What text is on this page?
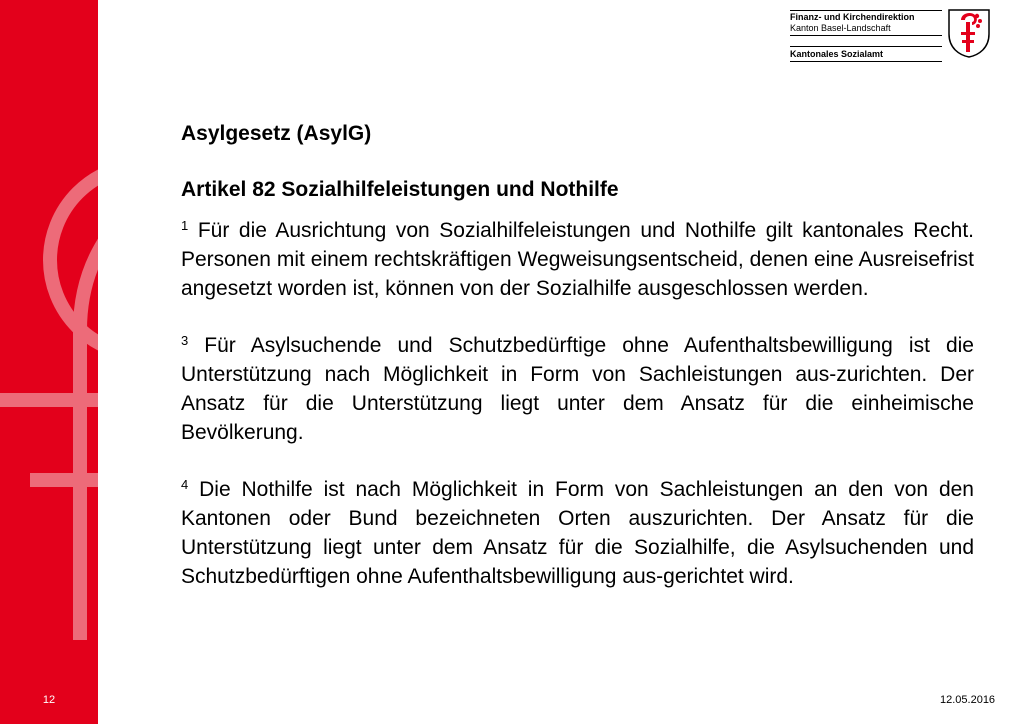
12
Finanz- und Kirchendirektion
Kanton Basel-Landschaft
Kantonales Sozialamt
Asylgesetz (AsylG)
Artikel 82 Sozialhilfeleistungen und Nothilfe

$^1$ Für die Ausrichtung von Sozialhilfeleistungen und Nothilfe gilt kantonales Recht. Personen mit einem rechtskräftigen Wegweisungsentscheid, denen eine Ausreisefrist angesetzt worden ist, können von der Sozialhilfe ausgeschlossen werden.

$^3$ Für Asylsuchende und Schutzbedürftige ohne Aufenthaltsbewilligung ist die Unterstützung nach Möglichkeit in Form von Sachleistungen aus-zurichten. Der Ansatz für die Unterstützung liegt unter dem Ansatz für die einheimische Bevölkerung.

$^4$ Die Nothilfe ist nach Möglichkeit in Form von Sachleistungen an den von den Kantonen oder Bund bezeichneten Orten auszurichten. Der Ansatz für die Unterstützung liegt unter dem Ansatz für die Sozialhilfe, die Asylsuchenden und Schutzbedürftigen ohne Aufenthaltsbewilligung aus-gerichtet wird.

12.05.2016
